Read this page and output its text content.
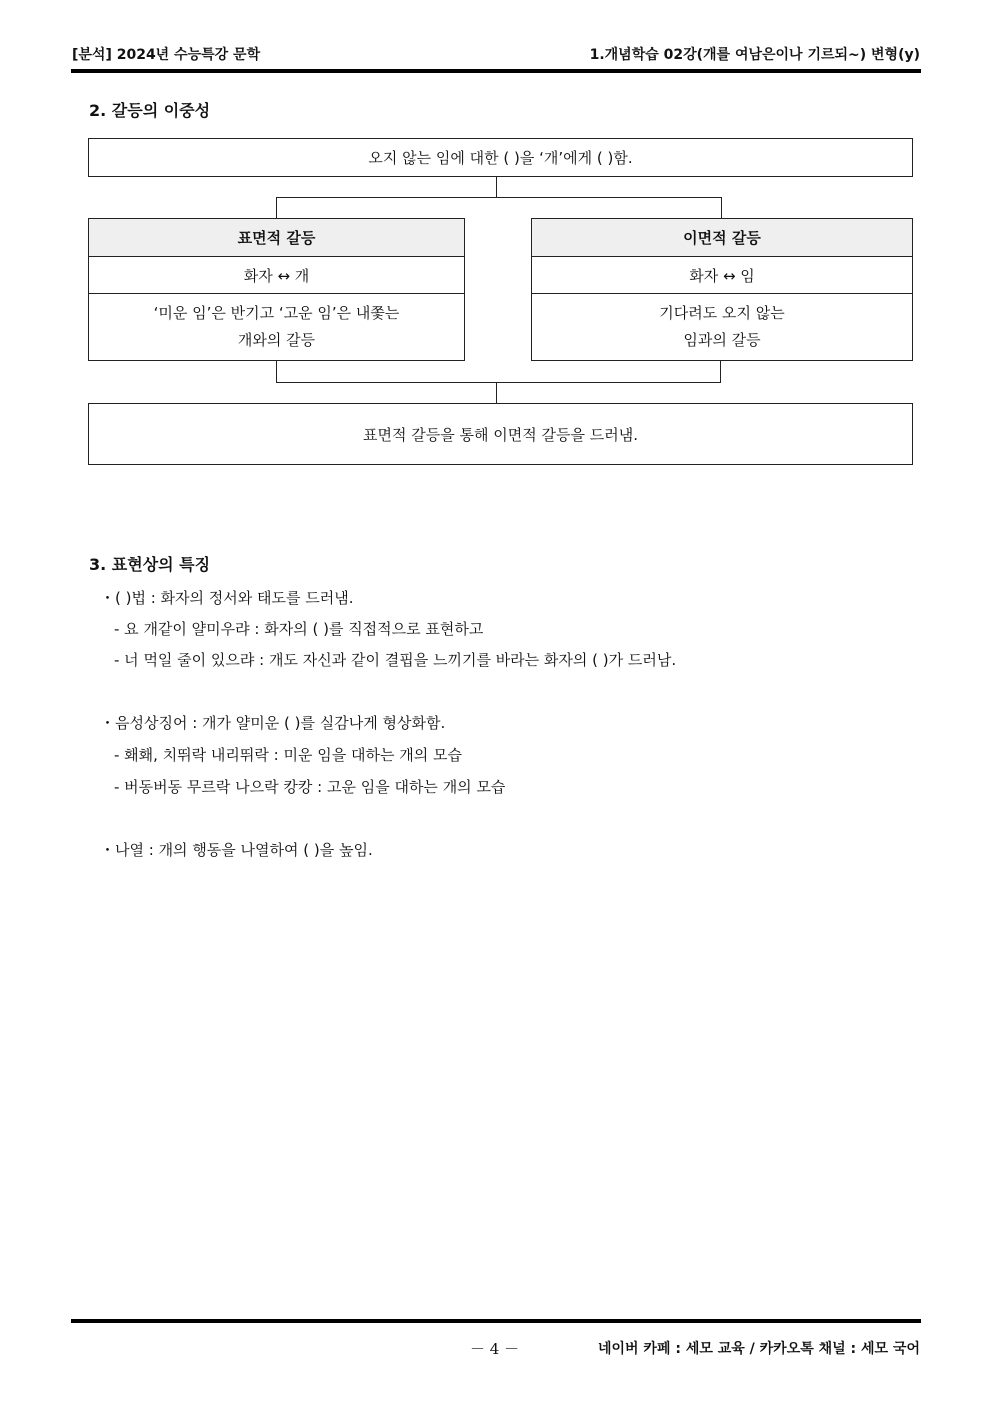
[분석] 2024년 수능특강 문학	1.개념학습 02강(개를 여남은이나 기르되~) 변형(y)
2. 갈등의 이중성
오지 않는 임에 대한 ( )을 ‘개’에게 ( )함.
표면적 갈등
화자 ↔ 개
‘미운 임’은 반기고 ‘고운 임’은 내쫓는
개와의 갈등
이면적 갈등
화자 ↔ 임
기다려도 오지 않는
임과의 갈등
표면적 갈등을 통해 이면적 갈등을 드러냄.
3. 표현상의 특징
・( )법 : 화자의 정서와 태도를 드러냄.
- 요 개같이 얄미우랴 : 화자의 ( )를 직접적으로 표현하고
- 너 먹일 줄이 있으랴 : 개도 자신과 같이 결핍을 느끼기를 바라는 화자의 ( )가 드러남.
・음성상징어 : 개가 얄미운 ( )를 실감나게 형상화함.
- 홰홰, 치뛰락 내리뛰락 : 미운 임을 대하는 개의 모습
- 버동버동 무르락 나으락 캉캉 : 고운 임을 대하는 개의 모습
・나열 : 개의 행동을 나열하여 ( )을 높임.
－ 4 －	네이버 카페 : 세모 교육 / 카카오톡 채널 : 세모 국어
